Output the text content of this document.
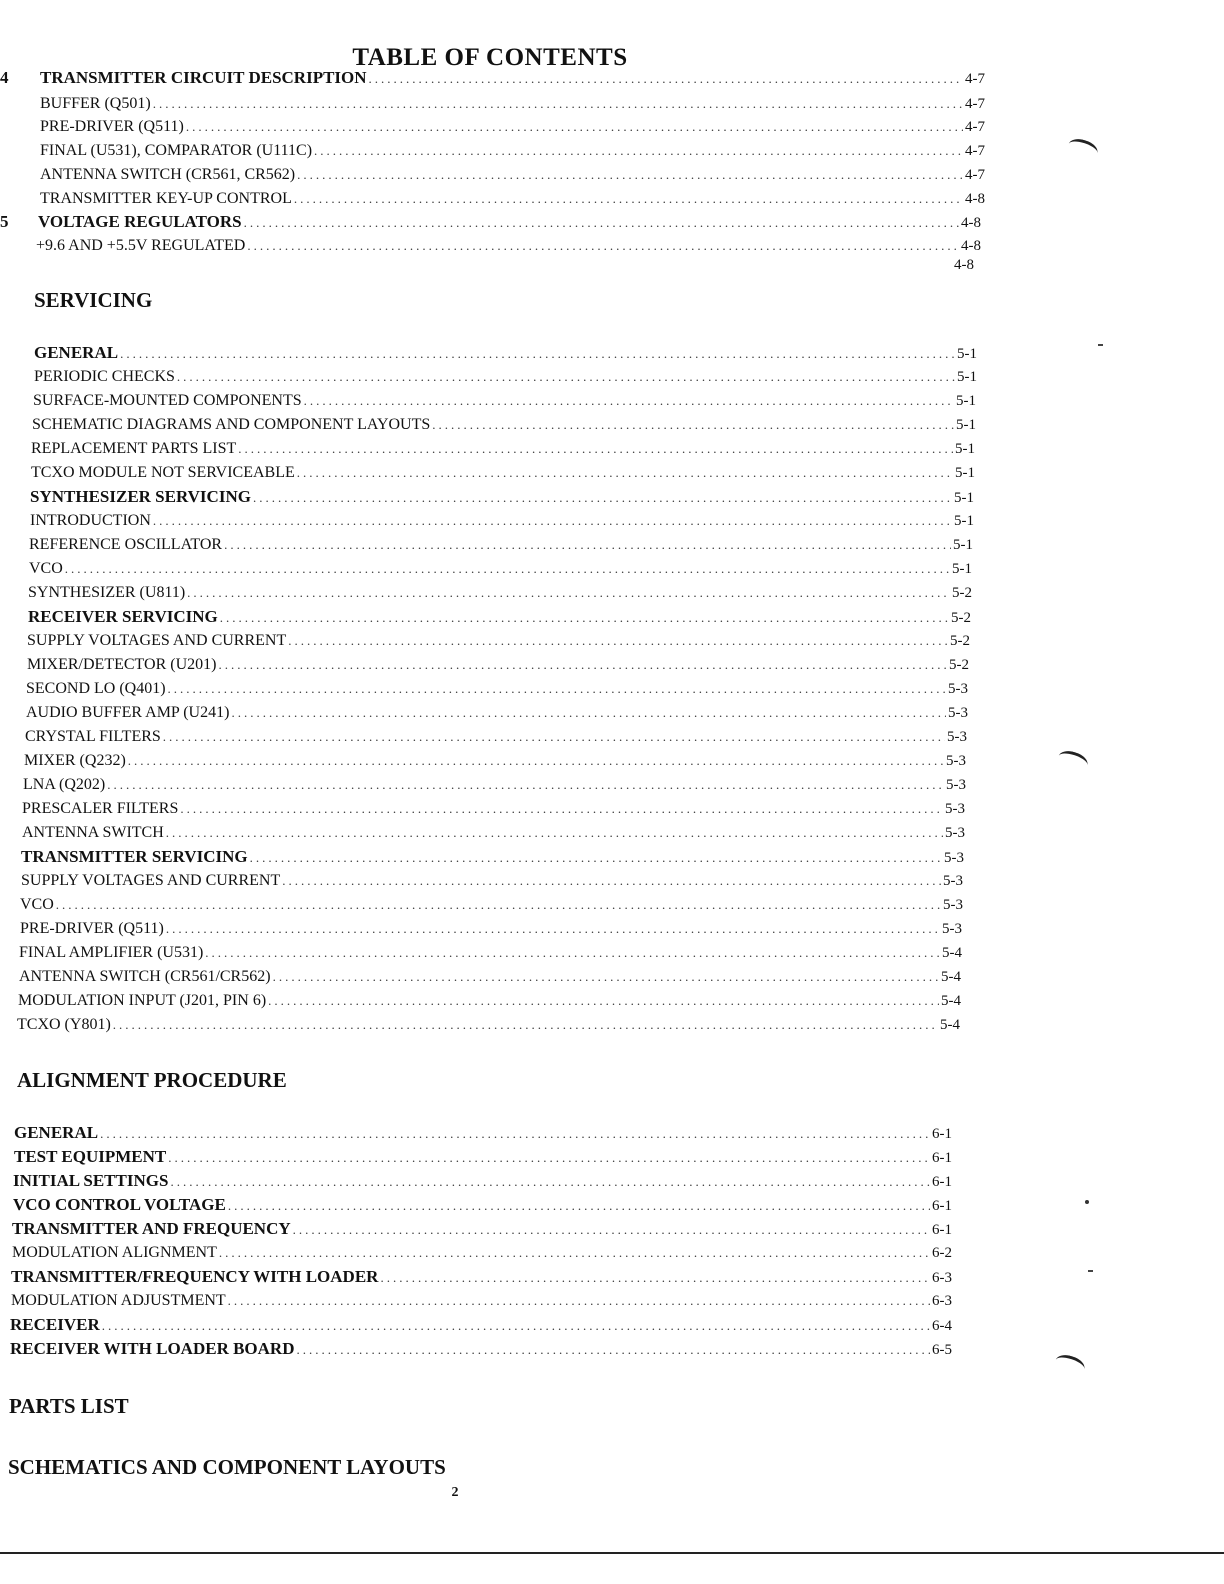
TABLE OF CONTENTS
4 TRANSMITTER CIRCUIT DESCRIPTION .....	4-7
BUFFER (Q501) .....	4-7
PRE-DRIVER (Q511) .....	4-7
FINAL (U531), COMPARATOR (U111C) .....	4-7
ANTENNA SWITCH (CR561, CR562) .....	4-7
TRANSMITTER KEY-UP CONTROL .....	4-8
5 VOLTAGE REGULATORS .....	4-8
+9.6 AND +5.5V REGULATED .....	4-8
4-8
SERVICING
GENERAL .....	5-1
PERIODIC CHECKS .....	5-1
SURFACE-MOUNTED COMPONENTS .....	5-1
SCHEMATIC DIAGRAMS AND COMPONENT LAYOUTS .....	5-1
REPLACEMENT PARTS LIST .....	5-1
TCXO MODULE NOT SERVICEABLE .....	5-1
SYNTHESIZER SERVICING .....	5-1
INTRODUCTION .....	5-1
REFERENCE OSCILLATOR .....	5-1
VCO .....	5-1
SYNTHESIZER (U811) .....	5-2
RECEIVER SERVICING .....	5-2
SUPPLY VOLTAGES AND CURRENT .....	5-2
MIXER/DETECTOR (U201) .....	5-2
SECOND LO (Q401) .....	5-3
AUDIO BUFFER AMP (U241) .....	5-3
CRYSTAL FILTERS .....	5-3
MIXER (Q232) .....	5-3
LNA (Q202) .....	5-3
PRESCALER FILTERS .....	5-3
ANTENNA SWITCH .....	5-3
TRANSMITTER SERVICING .....	5-3
SUPPLY VOLTAGES AND CURRENT .....	5-3
VCO .....	5-3
PRE-DRIVER (Q511) .....	5-3
FINAL AMPLIFIER (U531) .....	5-4
ANTENNA SWITCH (CR561/CR562) .....	5-4
MODULATION INPUT (J201, PIN 6) .....	5-4
TCXO (Y801) .....	5-4
ALIGNMENT PROCEDURE
GENERAL .....	6-1
TEST EQUIPMENT .....	6-1
INITIAL SETTINGS .....	6-1
VCO CONTROL VOLTAGE .....	6-1
TRANSMITTER AND FREQUENCY .....	6-1
MODULATION ALIGNMENT .....	6-2
TRANSMITTER/FREQUENCY WITH LOADER .....	6-3
MODULATION ADJUSTMENT .....	6-3
RECEIVER .....	6-4
RECEIVER WITH LOADER BOARD .....	6-5
PARTS LIST
SCHEMATICS AND COMPONENT LAYOUTS
2
